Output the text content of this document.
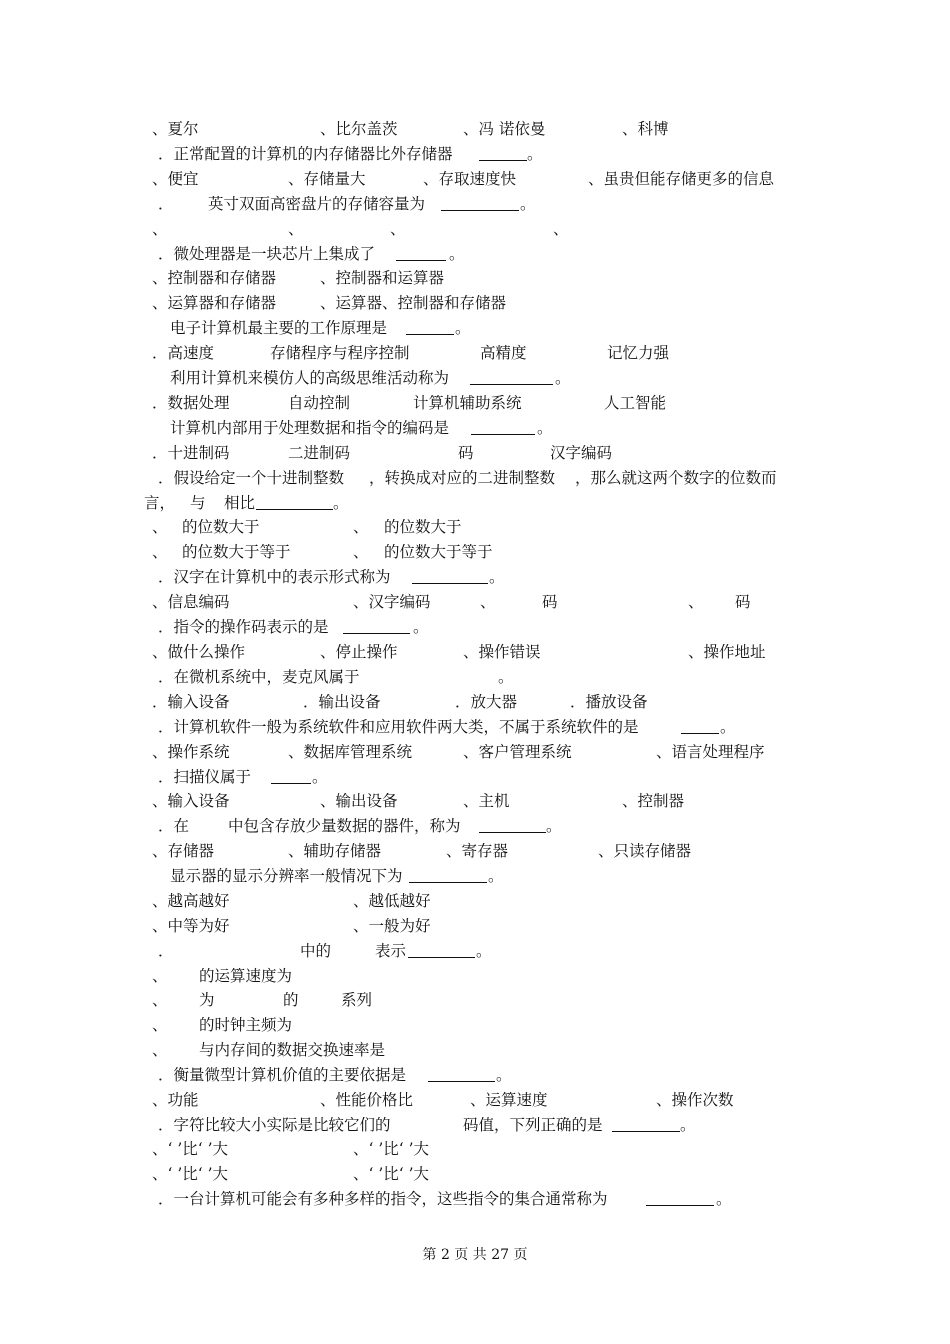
第 2 页 共 27 页
、夏尔	、比尔盖茨	、冯 诺依曼	、科博
．正常配置的计算机的内存储器比外存储器	。
、便宜	、存储量大	、存取速度快	、虽贵但能存储更多的信息
． 英寸双面高密盘片的存储容量为	。
、	、	、	、
．微处理器是一块芯片上集成了	。
、控制器和存储器	、控制器和运算器
、运算器和存储器	、运算器、控制器和存储器
电子计算机最主要的工作原理是	。
．高速度	存储程序与程序控制	高精度	记忆力强
利用计算机来模仿人的高级思维活动称为	。
．数据处理	自动控制	计算机辅助系统	人工智能
计算机内部用于处理数据和指令的编码是	。
．十进制码	二进制码	码	汉字编码
．假设给定一个十进制整数 ，转换成对应的二进制整数 ，那么就这两个数字的位数而
言， 与 相比	。
、 的位数大于	、 的位数大于
、 的位数大于等于	、 的位数大于等于
．汉字在计算机中的表示形式称为	。
、信息编码	、汉字编码	、	码	、 码
．指令的操作码表示的是	。
、做什么操作	、停止操作	、操作错误	、操作地址
．在微机系统中，麦克风属于	。
．输入设备	．输出设备	．放大器	．播放设备
．计算机软件一般为系统软件和应用软件两大类，不属于系统软件的是	。
、操作系统	、数据库管理系统	、客户管理系统	、语言处理程序
．扫描仪属于	。
、输入设备	、输出设备	、主机	、控制器
．在	中包含存放少量数据的器件，称为	。
、存储器	、辅助存储器	、寄存器	、只读存储器
显示器的显示分辨率一般情况下为	。
、越高越好	、越低越好
、中等为好	、一般为好
．	中的	表示	。
、 的运算速度为
、 为	的	系列
、 的时钟主频为
、 与内存间的数据交换速率是
．衡量微型计算机价值的主要依据是	。
、功能	、性能价格比	、运算速度	、操作次数
．字符比较大小实际是比较它们的	码值，下列正确的是	。
、‘ ’比‘ ’大	、‘ ’比‘ ’大
、‘ ’比‘ ’大	、‘ ’比‘ ’大
．一台计算机可能会有多种多样的指令，这些指令的集合通常称为	。
